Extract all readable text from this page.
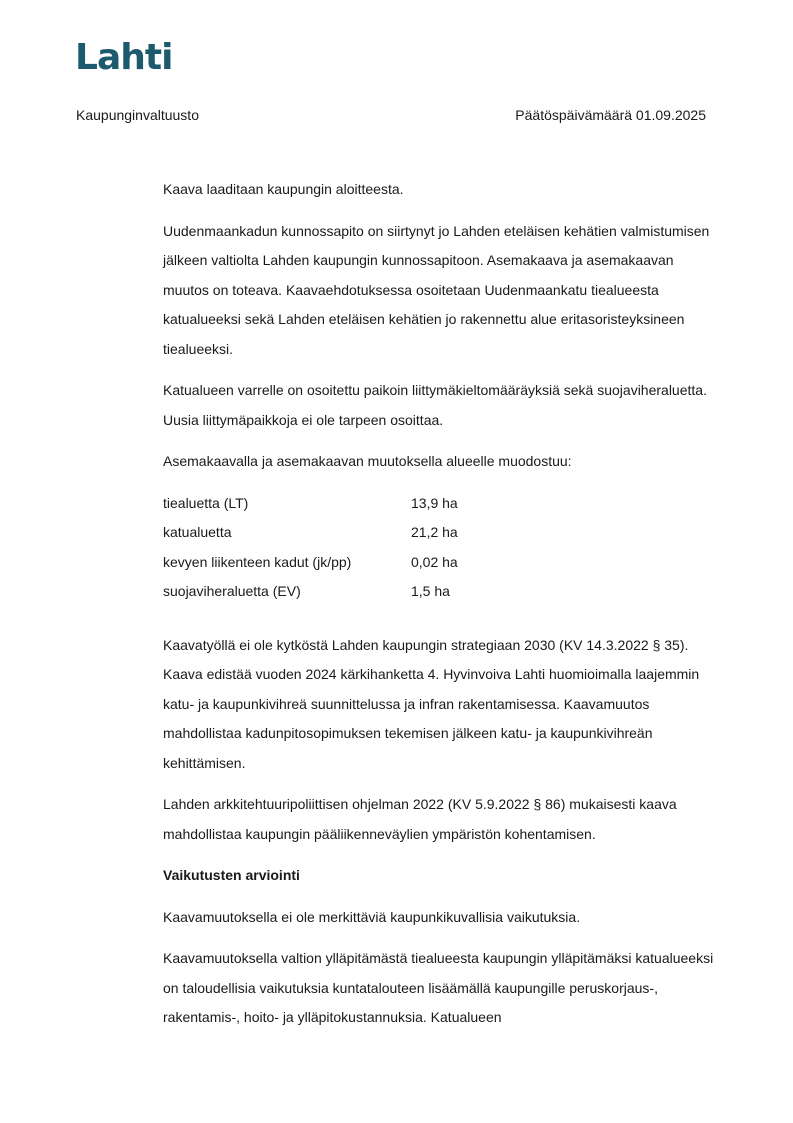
Lahti
Kaupunginvaltuusto	Päätöspäivämäärä 01.09.2025

Kaava laaditaan kaupungin aloitteesta.

Uudenmaankadun kunnossapito on siirtynyt jo Lahden eteläisen kehätien valmistumisen jälkeen valtiolta Lahden kaupungin kunnossapitoon. Asemakaava ja asemakaavan muutos on toteava. Kaavaehdotuksessa osoitetaan Uudenmaankatu tiealueesta katualueeksi sekä Lahden eteläisen kehätien jo rakennettu alue eritasoristeyksineen tiealueeksi.

Katualueen varrelle on osoitettu paikoin liittymäkieltomääräyksiä sekä suojaviheraluetta. Uusia liittymäpaikkoja ei ole tarpeen osoittaa.

Asemakaavalla ja asemakaavan muutoksella alueelle muodostuu:

tiealuetta (LT)	13,9 ha
katualuetta	21,2 ha
kevyen liikenteen kadut (jk/pp)	0,02 ha
suojaviheraluetta (EV)	1,5 ha

Kaavatyöllä ei ole kytköstä Lahden kaupungin strategiaan 2030 (KV 14.3.2022 § 35). Kaava edistää vuoden 2024 kärkihanketta 4. Hyvinvoiva Lahti huomioimalla laajemmin katu- ja kaupunkivihreä suunnittelussa ja infran rakentamisessa. Kaavamuutos mahdollistaa kadunpitosopimuksen tekemisen jälkeen katu- ja kaupunkivihreän kehittämisen.

Lahden arkkitehtuuripoliittisen ohjelman 2022 (KV 5.9.2022 § 86) mukaisesti kaava mahdollistaa kaupungin pääliikenneväylien ympäristön kohentamisen.

Vaikutusten arviointi

Kaavamuutoksella ei ole merkittäviä kaupunkikuvallisia vaikutuksia.

Kaavamuutoksella valtion ylläpitämästä tiealueesta kaupungin ylläpitämäksi katualueeksi on taloudellisia vaikutuksia kuntatalouteen lisäämällä kaupungille peruskorjaus-, rakentamis-, hoito- ja ylläpitokustannuksia. Katualueen
